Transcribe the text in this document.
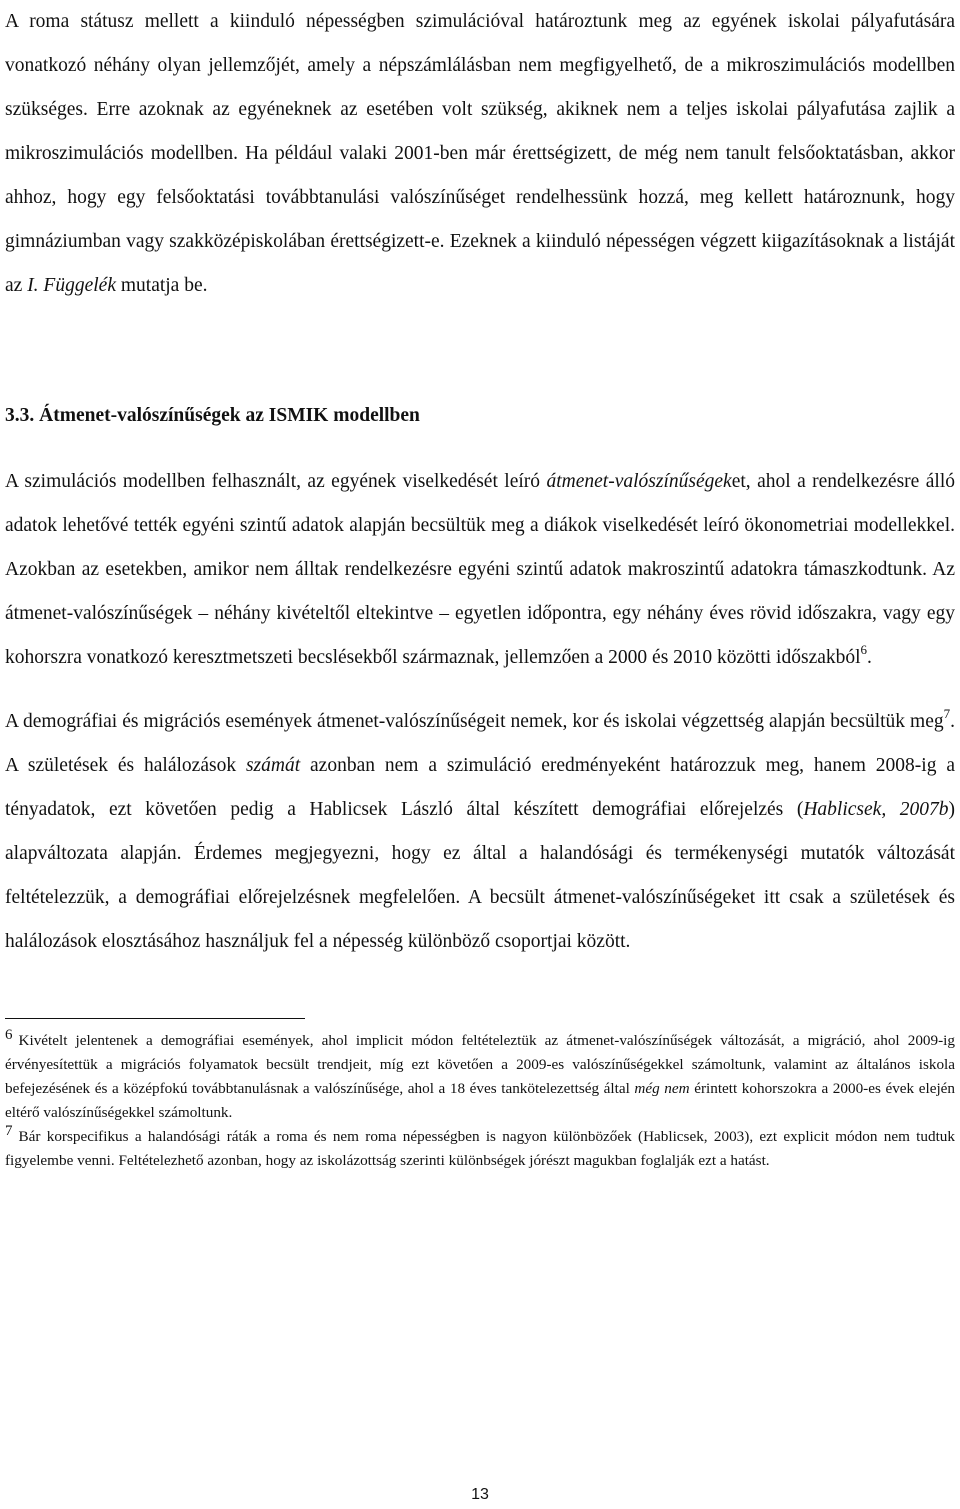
A roma státusz mellett a kiinduló népességben szimulációval határoztunk meg az egyének iskolai pályafutására vonatkozó néhány olyan jellemzőjét, amely a népszámlálásban nem megfigyelhető, de a mikroszimulációs modellben szükséges. Erre azoknak az egyéneknek az esetében volt szükség, akiknek nem a teljes iskolai pályafutása zajlik a mikroszimulációs modellben. Ha például valaki 2001-ben már érettségizett, de még nem tanult felsőoktatásban, akkor ahhoz, hogy egy felsőoktatási továbbtanulási valószínűséget rendelhessünk hozzá, meg kellett határoznunk, hogy gimnáziumban vagy szakközépiskolában érettségizett-e. Ezeknek a kiinduló népességen végzett kiigazításoknak a listáját az I. Függelék mutatja be.

3.3. Átmenet-valószínűségek az ISMIK modellben

A szimulációs modellben felhasznált, az egyének viselkedését leíró átmenet-valószínűségeket, ahol a rendelkezésre álló adatok lehetővé tették egyéni szintű adatok alapján becsültük meg a diákok viselkedését leíró ökonometriai modellekkel. Azokban az esetekben, amikor nem álltak rendelkezésre egyéni szintű adatok makroszintű adatokra támaszkodtunk. Az átmenet-valószínűségek – néhány kivételtől eltekintve – egyetlen időpontra, egy néhány éves rövid időszakra, vagy egy kohorszra vonatkozó keresztmetszeti becslésekből származnak, jellemzően a 2000 és 2010 közötti időszakból$^6$.

A demográfiai és migrációs események átmenet-valószínűségeit nemek, kor és iskolai végzettség alapján becsültük meg$^7$. A születések és halálozások számát azonban nem a szimuláció eredményeként határozzuk meg, hanem 2008-ig a tényadatok, ezt követően pedig a Hablicsek László által készített demográfiai előrejelzés (Hablicsek, 2007b) alapváltozata alapján. Érdemes megjegyezni, hogy ez által a halandósági és termékenységi mutatók változását feltételezzük, a demográfiai előrejelzésnek megfelelően. A becsült átmenet-valószínűségeket itt csak a születések és halálozások elosztásához használjuk fel a népesség különböző csoportjai között.

6 Kivételt jelentenek a demográfiai események, ahol implicit módon feltételeztük az átmenet-valószínűségek változását, a migráció, ahol 2009-ig érvényesítettük a migrációs folyamatok becsült trendjeit, míg ezt követően a 2009-es valószínűségekkel számoltunk, valamint az általános iskola befejezésének és a középfokú továbbtanulásnak a valószínűsége, ahol a 18 éves tankötelezettség által még nem érintett kohorszokra a 2000-es évek elején eltérő valószínűségekkel számoltunk.

7 Bár korspecifikus a halandósági ráták a roma és nem roma népességben is nagyon különbözőek (Hablicsek, 2003), ezt explicit módon nem tudtuk figyelembe venni. Feltételezhető azonban, hogy az iskolázottság szerinti különbségek jórészt magukban foglalják ezt a hatást.

13
